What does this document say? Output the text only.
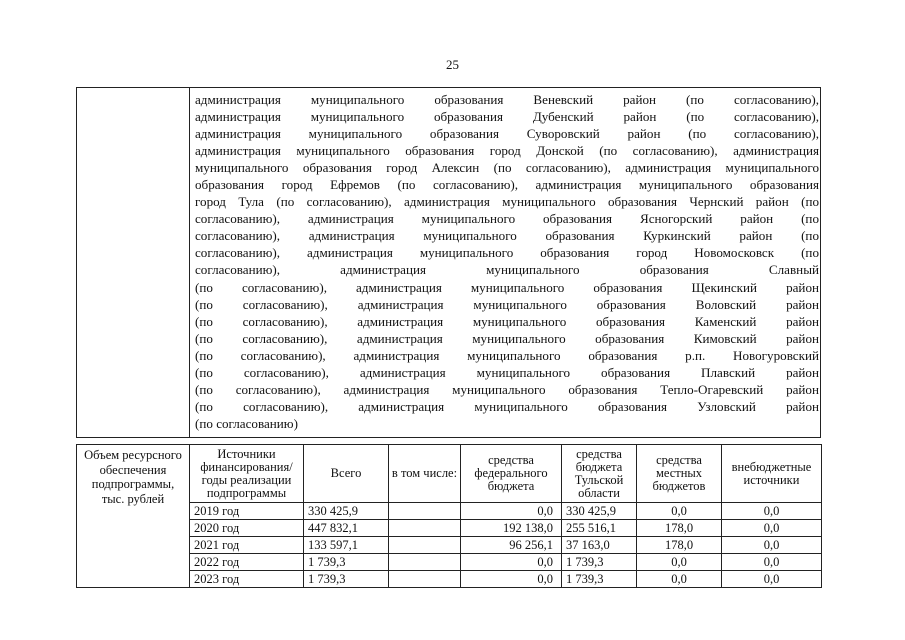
25
администрация муниципального образования Веневский район (по согласованию),
администрация муниципального образования Дубенский район (по согласованию),
администрация муниципального образования Суворовский район (по согласованию),
администрация муниципального образования город Донской (по согласованию), администрация
муниципального образования город Алексин (по согласованию), администрация муниципального
образования город Ефремов (по согласованию), администрация муниципального образования
город Тула (по согласованию), администрация муниципального образования Чернский район (по
согласованию), администрация муниципального образования Ясногорский район (по
согласованию), администрация муниципального образования Куркинский район (по
согласованию), администрация муниципального образования город Новомосковск (по
согласованию), администрация муниципального образования Славный
(по согласованию), администрация муниципального образования Щекинский район
(по согласованию), администрация муниципального образования Воловский район
(по согласованию), администрация муниципального образования Каменский район
(по согласованию), администрация муниципального образования Кимовский район
(по согласованию), администрация муниципального образования р.п. Новогуровский
(по согласованию), администрация муниципального образования Плавский район
(по согласованию), администрация муниципального образования Тепло-Огаревский район
(по согласованию), администрация муниципального образования Узловский район
(по согласованию)
Объем ресурсного обеспечения подпрограммы, тыс. рублей	Источники финансирования/ годы реализации подпрограммы	Всего	в том числе:	средства федерального бюджета	средства бюджета Тульской области	средства местных бюджетов	внебюджетные источники
	2019 год	330 425,9		0,0	330 425,9	0,0	0,0
	2020 год	447 832,1		192 138,0	255 516,1	178,0	0,0
	2021 год	133 597,1		96 256,1	37 163,0	178,0	0,0
	2022 год	1 739,3		0,0	1 739,3	0,0	0,0
	2023 год	1 739,3		0,0	1 739,3	0,0	0,0
